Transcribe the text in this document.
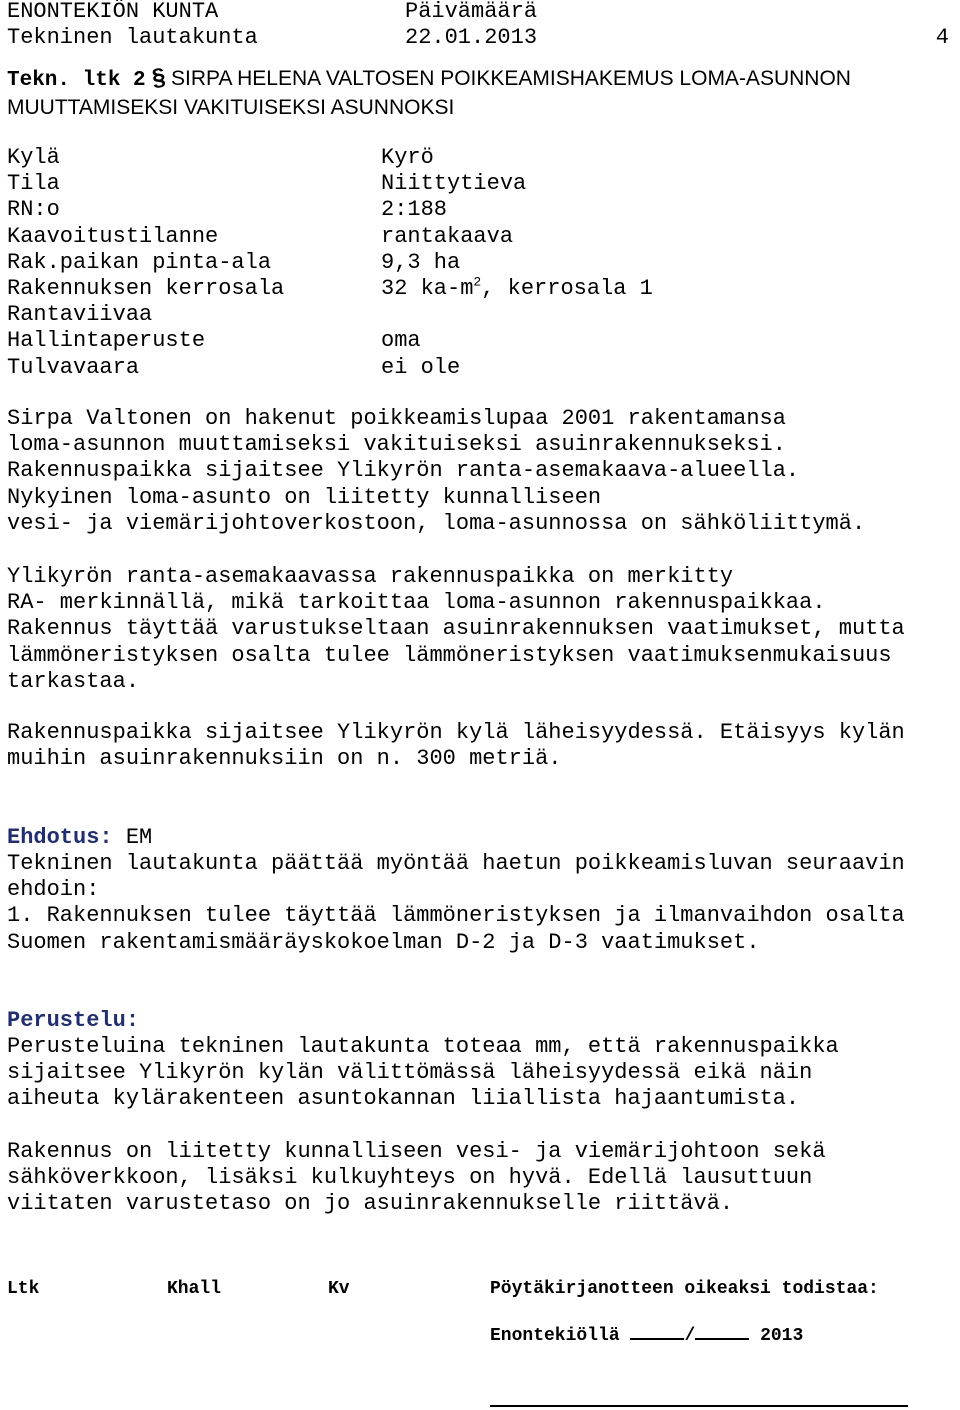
ENONTEKIÖN KUNTA	Päivämäärä
Tekninen lautakunta	22.01.2013	4
Tekn. ltk 2 § SIRPA HELENA VALTOSEN POIKKEAMISHAKEMUS LOMA-ASUNNON
MUUTTAMISEKSI VAKITUISEKSI ASUNNOKSI
Kylä	Kyrö
Tila	Niittytieva
RN:o	2:188
Kaavoitustilanne	rantakaava
Rak.paikan pinta-ala	9,3 ha
Rakennuksen kerrosala	32 $ka-m^2$, kerrosala 1
Rantaviivaa
Hallintaperuste	oma
Tulvavaara	ei ole
Sirpa Valtonen on hakenut poikkeamislupaa 2001 rakentamansa
loma-asunnon muuttamiseksi vakituiseksi asuinrakennukseksi.
Rakennuspaikka sijaitsee Ylikyrön ranta-asemakaava-alueella.
Nykyinen loma-asunto on liitetty kunnalliseen
vesi- ja viemärijohtoverkostoon, loma-asunnossa on sähköliittymä.
Ylikyrön ranta-asemakaavassa rakennuspaikka on merkitty
RA- merkinnällä, mikä tarkoittaa loma-asunnon rakennuspaikkaa.
Rakennus täyttää varustukseltaan asuinrakennuksen vaatimukset, mutta
lämmöneristyksen osalta tulee lämmöneristyksen vaatimuksenmukaisuus
tarkastaa.
Rakennuspaikka sijaitsee Ylikyrön kylä läheisyydessä. Etäisyys kylän
muihin asuinrakennuksiin on n. 300 metriä.
Ehdotus: EM
Tekninen lautakunta päättää myöntää haetun poikkeamisluvan seuraavin
ehdoin:
1. Rakennuksen tulee täyttää lämmöneristyksen ja ilmanvaihdon osalta
Suomen rakentamismääräyskokoelman D-2 ja D-3 vaatimukset.
Perustelu:
Perusteluina tekninen lautakunta toteaa mm, että rakennuspaikka
sijaitsee Ylikyrön kylän välittömässä läheisyydessä eikä näin
aiheuta kylärakenteen asuntokannan liiallista hajaantumista.
Rakennus on liitetty kunnalliseen vesi- ja viemärijohtoon sekä
sähköverkkoon, lisäksi kulkuyhteys on hyvä. Edellä lausuttuun
viitaten varustetaso on jo asuinrakennukselle riittävä.
Ltk	Khall	Kv	Pöytäkirjanotteen oikeaksi todistaa:
Enontekiöllä	/	2013
